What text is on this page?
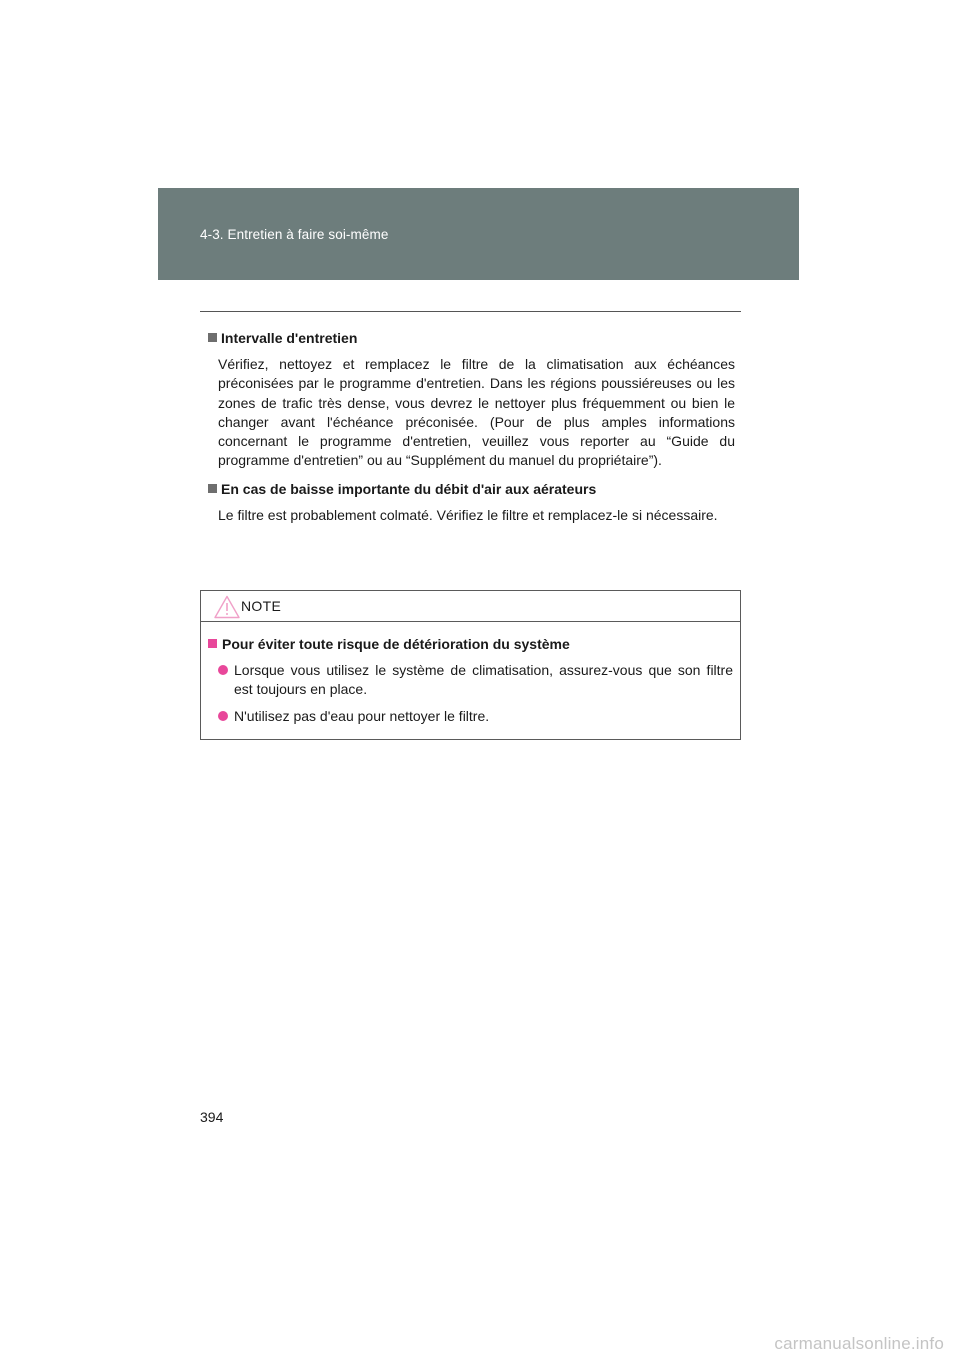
4-3. Entretien à faire soi-même
Intervalle d'entretien

Vérifiez, nettoyez et remplacez le filtre de la climatisation aux échéances préconisées par le programme d'entretien. Dans les régions poussiéreuses ou les zones de trafic très dense, vous devrez le nettoyer plus fréquemment ou bien le changer avant l'échéance préconisée. (Pour de plus amples informations concernant le programme d'entretien, veuillez vous reporter au “Guide du programme d'entretien” ou au “Supplément du manuel du propriétaire”).

En cas de baisse importante du débit d'air aux aérateurs

Le filtre est probablement colmaté. Vérifiez le filtre et remplacez-le si nécessaire.

NOTE
Pour éviter toute risque de détérioration du système
Lorsque vous utilisez le système de climatisation, assurez-vous que son filtre est toujours en place.
N'utilisez pas d'eau pour nettoyer le filtre.
394
carmanualsonline.info
